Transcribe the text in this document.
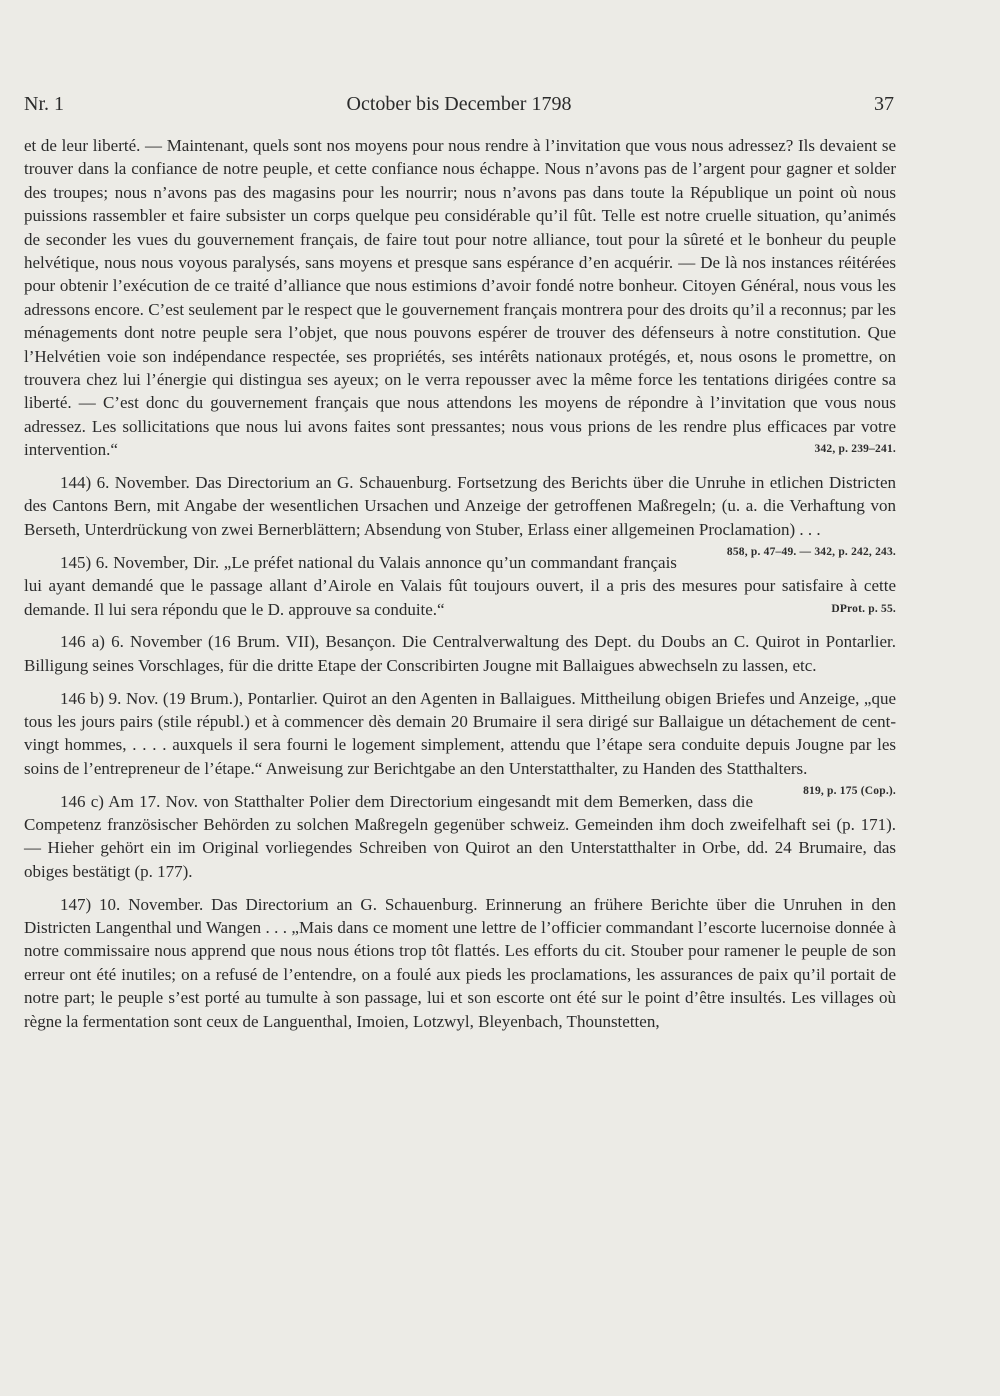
Nr. 1	October bis December 1798	37

et de leur liberté. — Maintenant, quels sont nos moyens pour nous rendre à l’invitation que vous nous adressez? Ils devaient se trouver dans la confiance de notre peuple, et cette confiance nous échappe. Nous n’avons pas de l’argent pour gagner et solder des troupes; nous n’avons pas des magasins pour les nourrir; nous n’avons pas dans toute la République un point où nous puissions rassembler et faire subsister un corps quelque peu considérable qu’il fût. Telle est notre cruelle situation, qu’animés de seconder les vues du gouvernement français, de faire tout pour notre alliance, tout pour la sûreté et le bonheur du peuple helvétique, nous nous voyous paralysés, sans moyens et presque sans espérance d’en acquérir. — De là nos instances réitérées pour obtenir l’exécution de ce traité d’alliance que nous estimions d’avoir fondé notre bonheur. Citoyen Général, nous vous les adressons encore. C’est seulement par le respect que le gouvernement français montrera pour des droits qu’il a reconnus; par les ménagements dont notre peuple sera l’objet, que nous pouvons espérer de trouver des défenseurs à notre constitution. Que l’Helvétien voie son indépendance respectée, ses propriétés, ses intérêts nationaux protégés, et, nous osons le promettre, on trouvera chez lui l’énergie qui distingua ses ayeux; on le verra repousser avec la même force les tentations dirigées contre sa liberté. — C’est donc du gouvernement français que nous attendons les moyens de répondre à l’invitation que vous nous adressez. Les sollicitations que nous lui avons faites sont pressantes; nous vous prions de les rendre plus efficaces par votre intervention.“	342, p. 239–241.

144) 6. November. Das Directorium an G. Schauenburg. Fortsetzung des Berichts über die Unruhe in etlichen Districten des Cantons Bern, mit Angabe der wesentlichen Ursachen und Anzeige der getroffenen Maßregeln; (u. a. die Verhaftung von Berseth, Unterdrückung von zwei Bernerblättern; Absendung von Stuber, Erlass einer allgemeinen Proclamation) . . .
858, p. 47–49. — 342, p. 242, 243.

145) 6. November, Dir. „Le préfet national du Valais annonce qu’un commandant français lui ayant demandé que le passage allant d’Airole en Valais fût toujours ouvert, il a pris des mesures pour satisfaire à cette demande. Il lui sera répondu que le D. approuve sa conduite.“	DProt. p. 55.

146 a) 6. November (16 Brum. VII), Besançon. Die Centralverwaltung des Dept. du Doubs an C. Quirot in Pontarlier. Billigung seines Vorschlages, für die dritte Etape der Conscribirten Jougne mit Ballaigues abwechseln zu lassen, etc.

146 b) 9. Nov. (19 Brum.), Pontarlier. Quirot an den Agenten in Ballaigues. Mittheilung obigen Briefes und Anzeige, „que tous les jours pairs (stile républ.) et à commencer dès demain 20 Brumaire il sera dirigé sur Ballaigue un détachement de cent-vingt hommes, . . . . auxquels il sera fourni le logement simplement, attendu que l’étape sera conduite depuis Jougne par les soins de l’entrepreneur de l’étape.“ Anweisung zur Berichtgabe an den Unterstatthalter, zu Handen des Statthalters.
819, p. 175 (Cop.).

146 c) Am 17. Nov. von Statthalter Polier dem Directorium eingesandt mit dem Bemerken, dass die Competenz französischer Behörden zu solchen Maßregeln gegenüber schweiz. Gemeinden ihm doch zweifelhaft sei (p. 171). — Hieher gehört ein im Original vorliegendes Schreiben von Quirot an den Unterstatthalter in Orbe, dd. 24 Brumaire, das obiges bestätigt (p. 177).

147) 10. November. Das Directorium an G. Schauenburg. Erinnerung an frühere Berichte über die Unruhen in den Districten Langenthal und Wangen . . . „Mais dans ce moment une lettre de l’officier commandant l’escorte lucernoise donnée à notre commissaire nous apprend que nous nous étions trop tôt flattés. Les efforts du cit. Stouber pour ramener le peuple de son erreur ont été inutiles; on a refusé de l’entendre, on a foulé aux pieds les proclamations, les assurances de paix qu’il portait de notre part; le peuple s’est porté au tumulte à son passage, lui et son escorte ont été sur le point d’être insultés. Les villages où règne la fermentation sont ceux de Languenthal, Imoien, Lotzwyl, Bleyenbach, Thounstetten,
